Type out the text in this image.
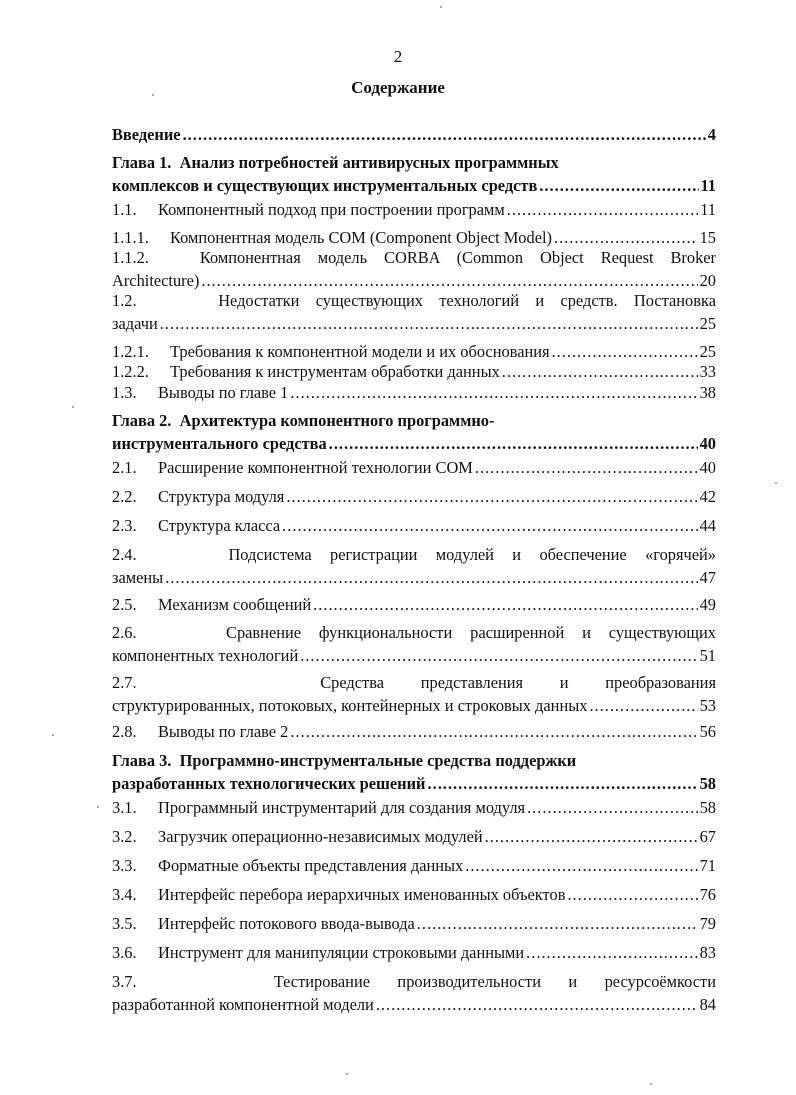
2
Содержание
Введение .....	4
Глава 1. Анализ потребностей антивирусных программных
комплексов и существующих инструментальных средств .....	11
1.1.	Компонентный подход при построении программ .....	11
1.1.1.	Компонентная модель COM (Component Object Model) .....	15
1.1.2.	Компонентная модель CORBA (Common Object Request Broker
Architecture) .....	20
1.2.	Недостатки существующих технологий и средств. Постановка
задачи .....	25
1.2.1.	Требования к компонентной модели и их обоснования .....	25
1.2.2.	Требования к инструментам обработки данных .....	33
1.3.	Выводы по главе 1 .....	38
Глава 2. Архитектура компонентного программно-
инструментального средства .....	40
2.1.	Расширение компонентной технологии COM .....	40
2.2.	Структура модуля .....	42
2.3.	Структура класса .....	44
2.4.	Подсистема регистрации модулей и обеспечение «горячей»
замены .....	47
2.5.	Механизм сообщений .....	49
2.6.	Сравнение функциональности расширенной и существующих
компонентных технологий .....	51
2.7.	Средства представления и преобразования
структурированных, потоковых, контейнерных и строковых данных .....	53
2.8.	Выводы по главе 2 .....	56
Глава 3. Программно-инструментальные средства поддержки
разработанных технологических решений .....	58
3.1.	Программный инструментарий для создания модуля .....	58
3.2.	Загрузчик операционно-независимых модулей .....	67
3.3.	Форматные объекты представления данных .....	71
3.4.	Интерфейс перебора иерархичных именованных объектов .....	76
3.5.	Интерфейс потокового ввода-вывода .....	79
3.6.	Инструмент для манипуляции строковыми данными .....	83
3.7.	Тестирование производительности и ресурсоёмкости
разработанной компонентной модели .....	84
